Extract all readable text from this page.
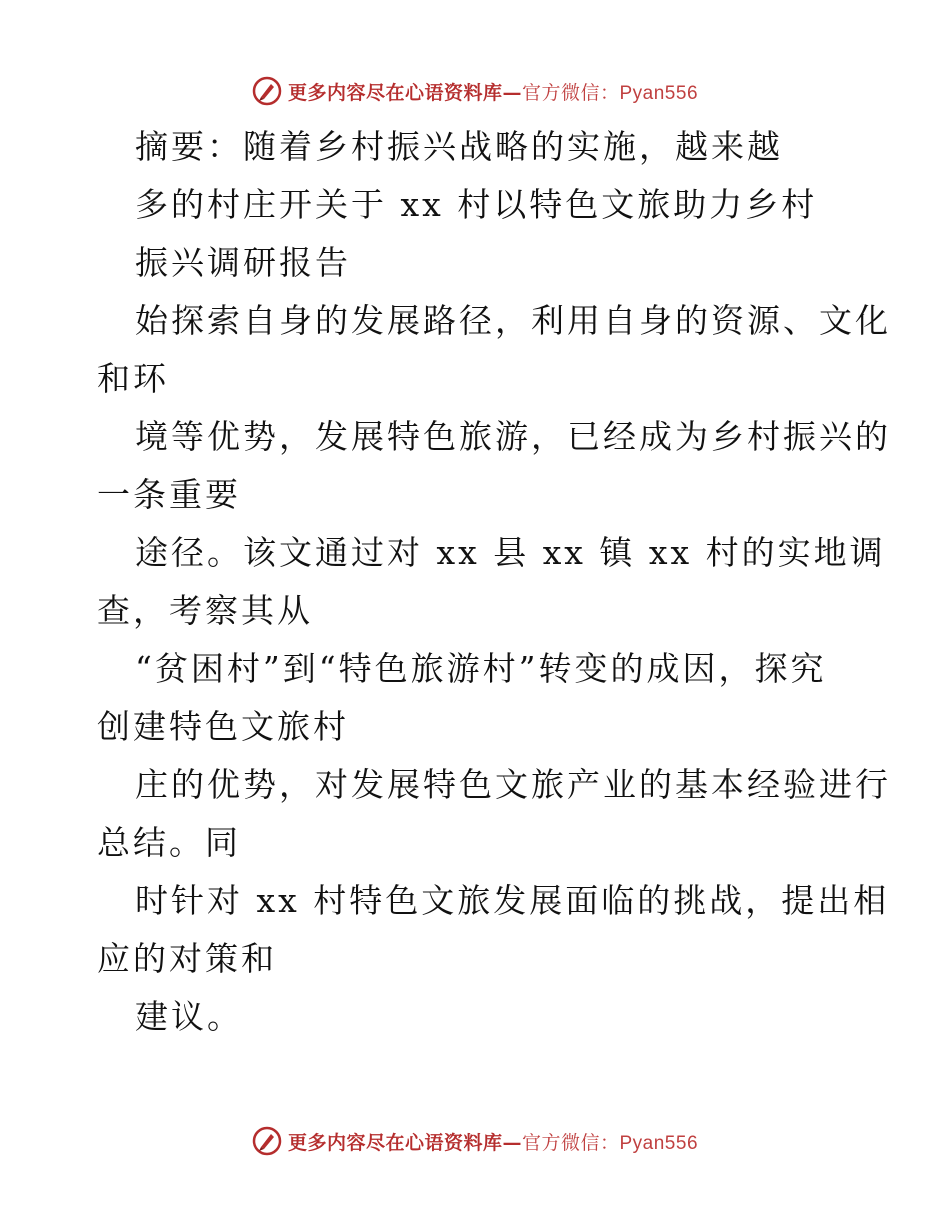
更多内容尽在心语资料库—官方微信：Pyan556
摘要：随着乡村振兴战略的实施，越来越
多的村庄开关于 xx 村以特色文旅助力乡村
振兴调研报告
始探索自身的发展路径，利用自身的资源、文化
和环
境等优势，发展特色旅游，已经成为乡村振兴的
一条重要
途径。该文通过对 xx 县 xx 镇 xx 村的实地调
查，考察其从
“贫困村”到“特色旅游村”转变的成因，探究
创建特色文旅村
庄的优势，对发展特色文旅产业的基本经验进行
总结。同
时针对 xx 村特色文旅发展面临的挑战，提出相
应的对策和
建议。
更多内容尽在心语资料库—官方微信：Pyan556
